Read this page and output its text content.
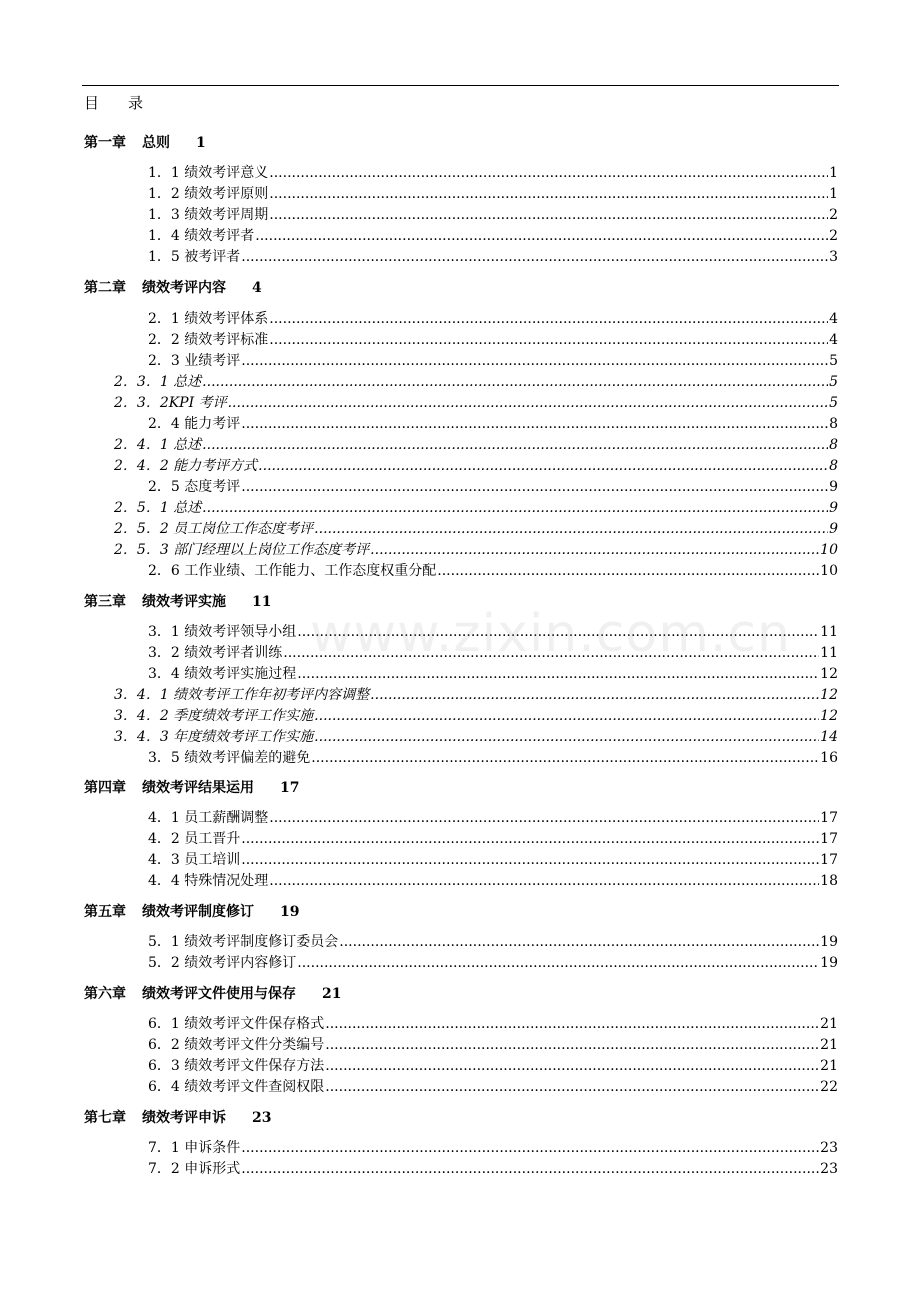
目 录
第一章 总则 1
1．1 绩效考评意义 .....	1
1．2 绩效考评原则 .....	1
1．3 绩效考评周期 .....	2
1．4 绩效考评者 .....	2
1．5 被考评者 .....	3
第二章 绩效考评内容 4
2．1 绩效考评体系 .....	4
2．2 绩效考评标准 .....	4
2．3 业绩考评 .....	5
2．3．1 总述 .....	5
2．3．2KPI 考评 .....	5
2．4 能力考评 .....	8
2．4．1 总述 .....	8
2．4．2 能力考评方式 .....	8
2．5 态度考评 .....	9
2．5．1 总述 .....	9
2．5．2 员工岗位工作态度考评 .....	9
2．5．3 部门经理以上岗位工作态度考评 .....	10
2．6 工作业绩、工作能力、工作态度权重分配 .....	10
第三章 绩效考评实施 11
3．1 绩效考评领导小组 .....	11
3．2 绩效考评者训练 .....	11
3．4 绩效考评实施过程 .....	12
3．4．1 绩效考评工作年初考评内容调整 .....	12
3．4．2 季度绩效考评工作实施 .....	12
3．4．3 年度绩效考评工作实施 .....	14
3．5 绩效考评偏差的避免 .....	16
第四章 绩效考评结果运用 17
4．1 员工薪酬调整 .....	17
4．2 员工晋升 .....	17
4．3 员工培训 .....	17
4．4 特殊情况处理 .....	18
第五章 绩效考评制度修订 19
5．1 绩效考评制度修订委员会 .....	19
5．2 绩效考评内容修订 .....	19
第六章 绩效考评文件使用与保存 21
6．1 绩效考评文件保存格式 .....	21
6．2 绩效考评文件分类编号 .....	21
6．3 绩效考评文件保存方法 .....	21
6．4 绩效考评文件查阅权限 .....	22
第七章 绩效考评申诉 23
7．1 申诉条件 .....	23
7．2 申诉形式 .....	23
www.zixin.com.cn
